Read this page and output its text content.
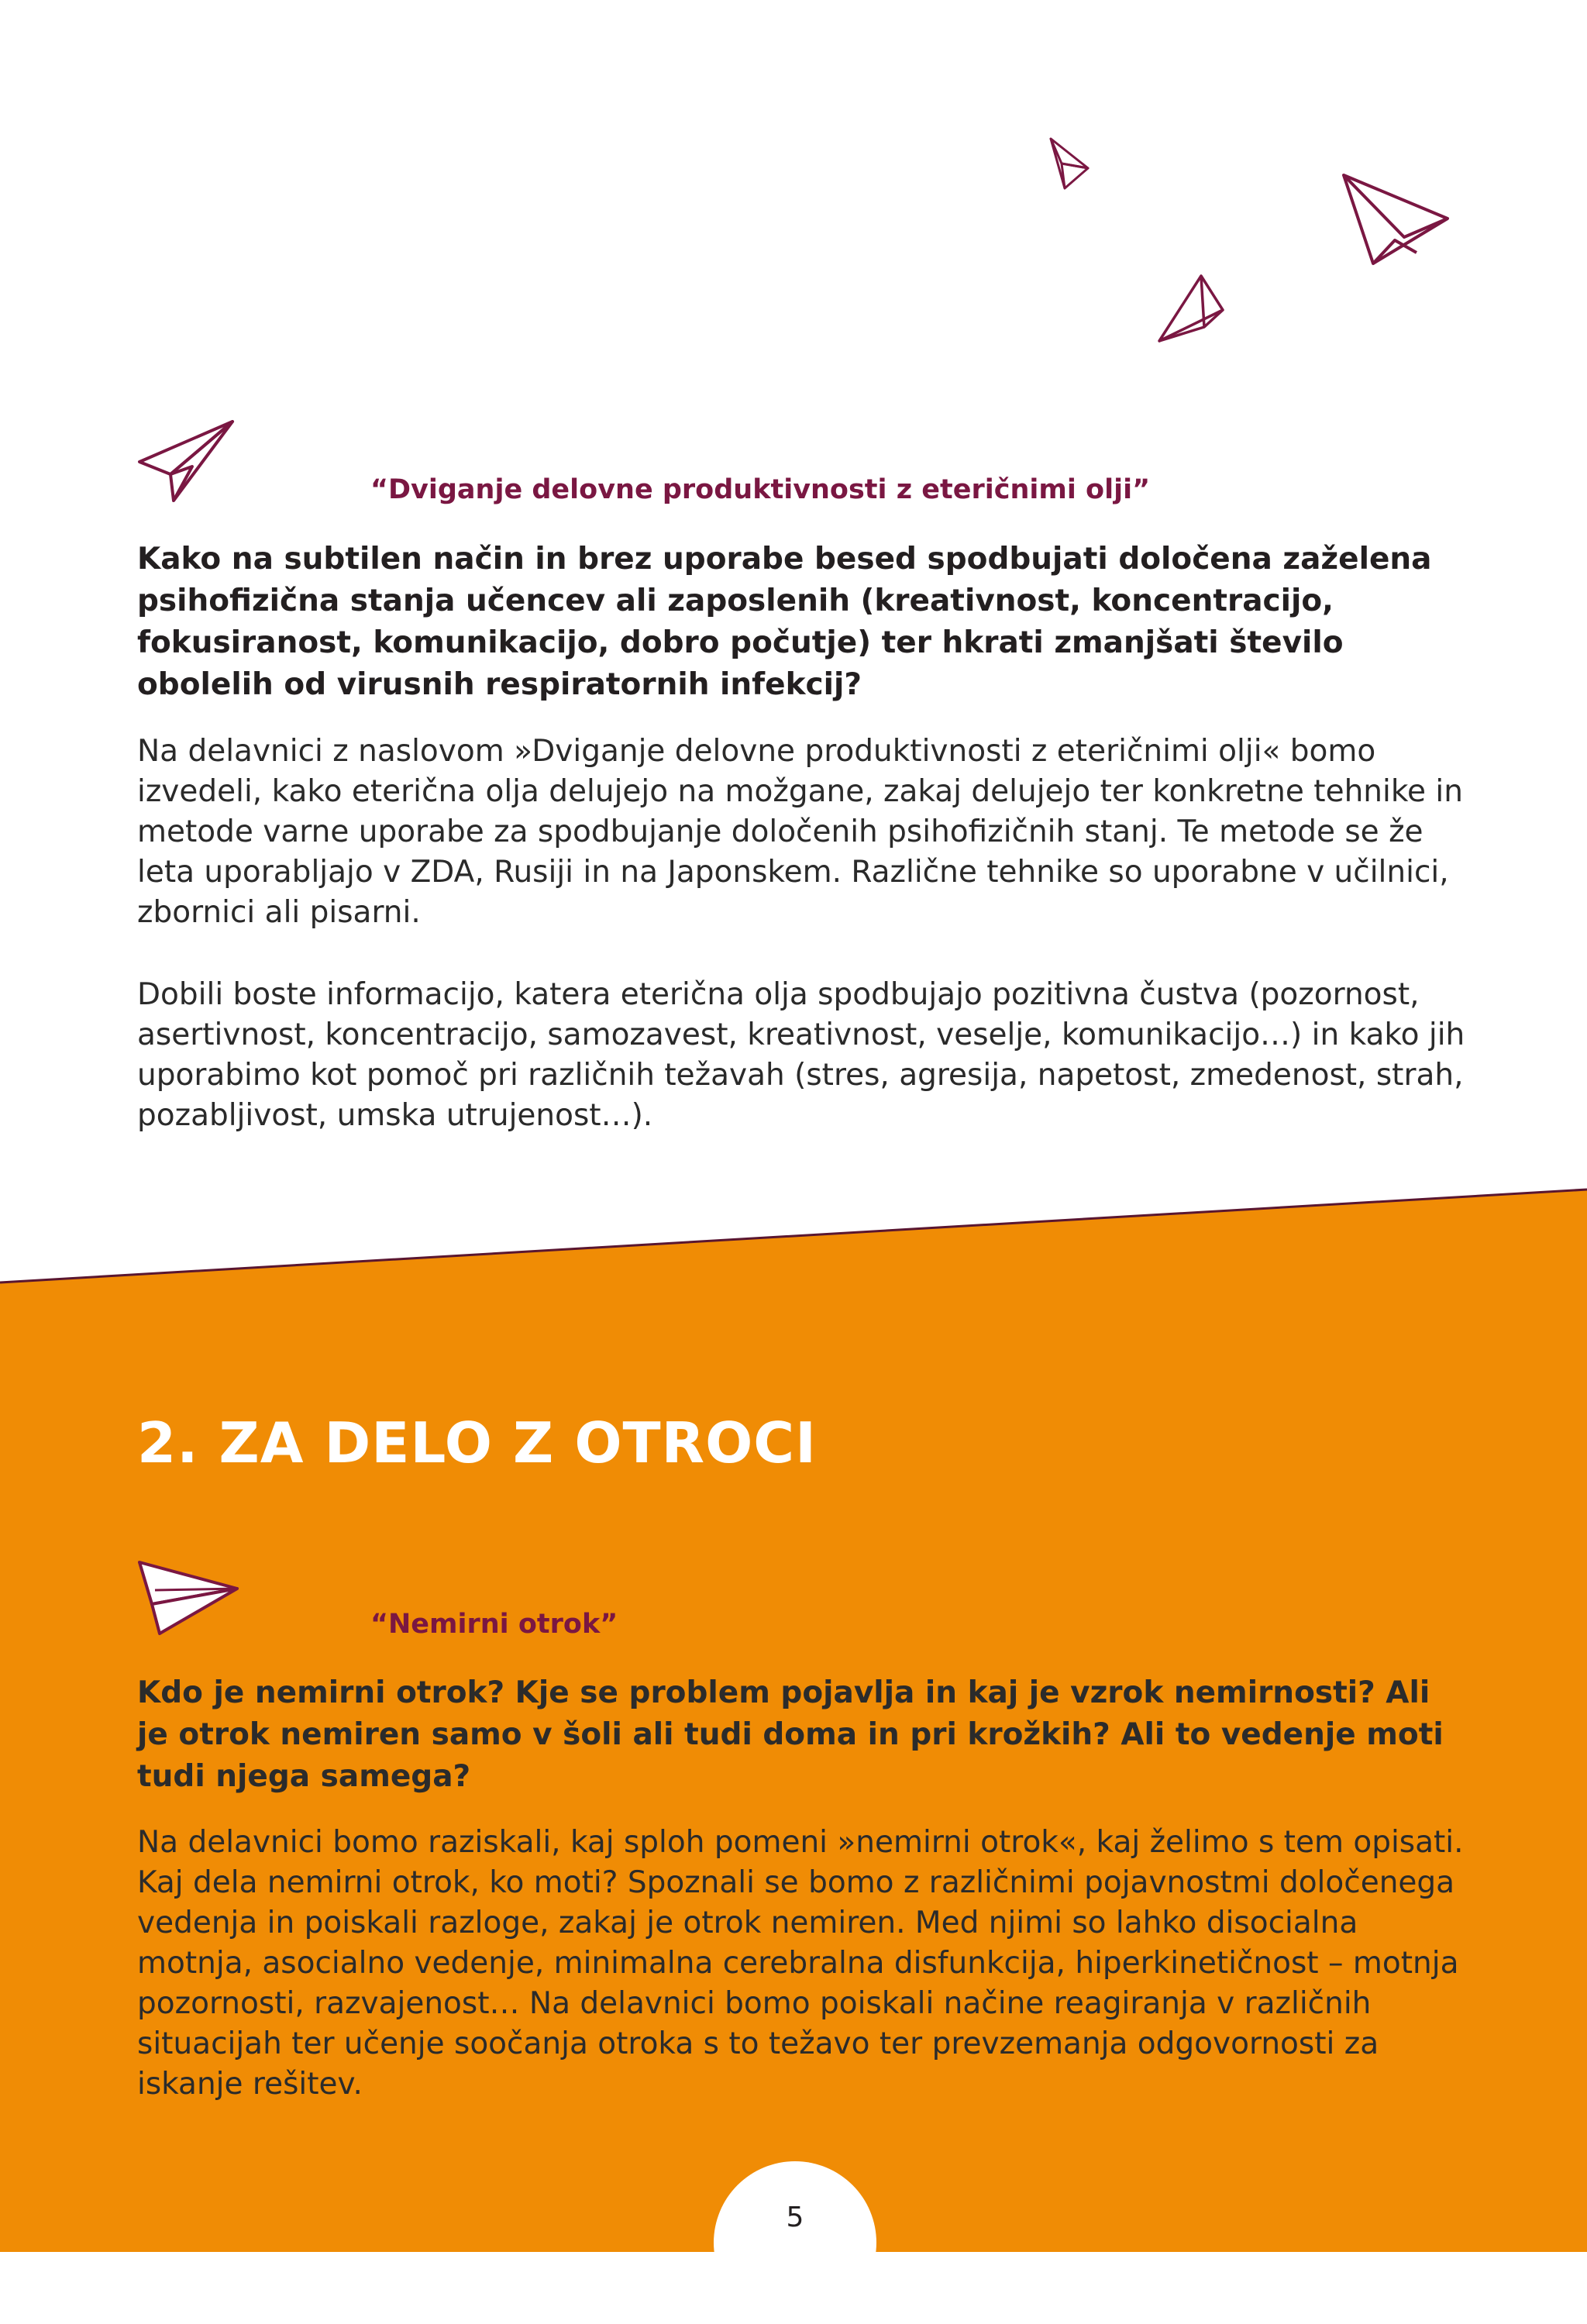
“Dviganje delovne produktivnosti z eteričnimi olji”

Kako na subtilen način in brez uporabe besed spodbujati določena zaželena psihofizična stanja učencev ali zaposlenih (kreativnost, koncentracijo, fokusiranost, komunikacijo, dobro počutje) ter hkrati zmanjšati število obolelih od virusnih respiratornih infekcij?

Na delavnici z naslovom »Dviganje delovne produktivnosti z eteričnimi olji« bomo izvedeli, kako eterična olja delujejo na možgane, zakaj delujejo ter konkretne tehnike in metode varne uporabe za spodbujanje določenih psihofizičnih stanj. Te metode se že leta uporabljajo v ZDA, Rusiji in na Japonskem. Različne tehnike so uporabne v učilnici, zbornici ali pisarni.

Dobili boste informacijo, katera eterična olja spodbujajo pozitivna čustva (pozornost, asertivnost, koncentracijo, samozavest, kreativnost, veselje, komunikacijo…) in kako jih uporabimo kot pomoč pri različnih težavah (stres, agresija, napetost, zmedenost, strah, pozabljivost, umska utrujenost…).

2. ZA DELO Z OTROCI
“Nemirni otrok”

Kdo je nemirni otrok? Kje se problem pojavlja in kaj je vzrok nemirnosti? Ali je otrok nemiren samo v šoli ali tudi doma in pri krožkih? Ali to vedenje moti tudi njega samega?

Na delavnici bomo raziskali, kaj sploh pomeni »nemirni otrok«, kaj želimo s tem opisati. Kaj dela nemirni otrok, ko moti? Spoznali se bomo z različnimi pojavnostmi določenega vedenja in poiskali razloge, zakaj je otrok nemiren. Med njimi so lahko disocialna motnja, asocialno vedenje, minimalna cerebralna disfunkcija, hiperkinetičnost – motnja pozornosti, razvajenost… Na delavnici bomo poiskali načine reagiranja v različnih situacijah ter učenje soočanja otroka s to težavo ter prevzemanja odgovornosti za iskanje rešitev.

5
